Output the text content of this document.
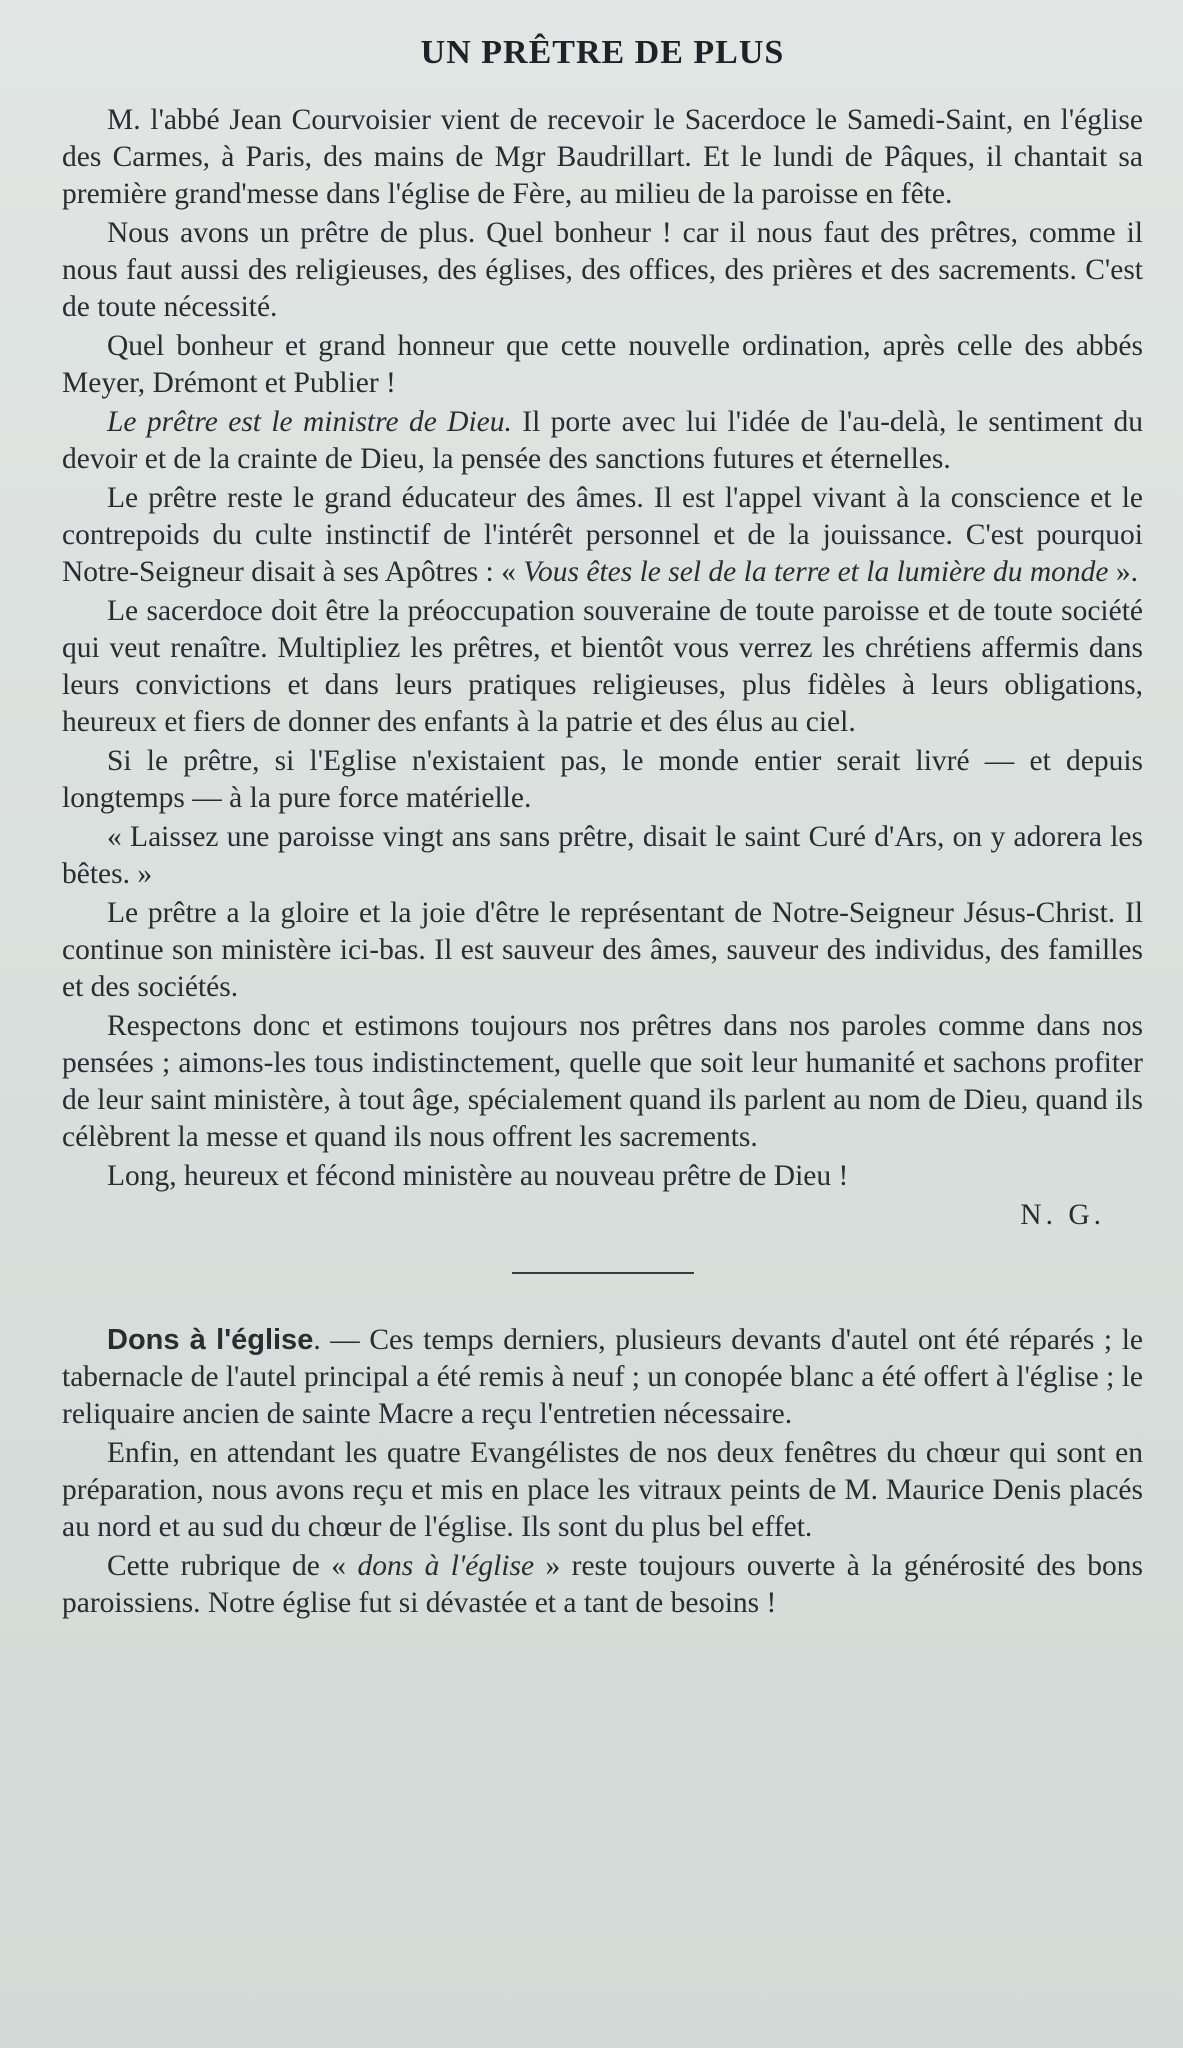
UN PRÊTRE DE PLUS

M. l'abbé Jean Courvoisier vient de recevoir le Sacerdoce le Samedi-Saint, en l'église des Carmes, à Paris, des mains de Mgr Baudrillart. Et le lundi de Pâques, il chantait sa première grand'messe dans l'église de Fère, au milieu de la paroisse en fête.

Nous avons un prêtre de plus. Quel bonheur ! car il nous faut des prêtres, comme il nous faut aussi des religieuses, des églises, des offices, des prières et des sacrements. C'est de toute nécessité.

Quel bonheur et grand honneur que cette nouvelle ordination, après celle des abbés Meyer, Drémont et Publier !

Le prêtre est le ministre de Dieu. Il porte avec lui l'idée de l'au-delà, le sentiment du devoir et de la crainte de Dieu, la pensée des sanctions futures et éternelles.

Le prêtre reste le grand éducateur des âmes. Il est l'appel vivant à la conscience et le contrepoids du culte instinctif de l'intérêt personnel et de la jouissance. C'est pourquoi Notre-Seigneur disait à ses Apôtres : « Vous êtes le sel de la terre et la lumière du monde ».

Le sacerdoce doit être la préoccupation souveraine de toute paroisse et de toute société qui veut renaître. Multipliez les prêtres, et bientôt vous verrez les chrétiens affermis dans leurs convictions et dans leurs pratiques religieuses, plus fidèles à leurs obligations, heureux et fiers de donner des enfants à la patrie et des élus au ciel.

Si le prêtre, si l'Eglise n'existaient pas, le monde entier serait livré — et depuis longtemps — à la pure force matérielle.

« Laissez une paroisse vingt ans sans prêtre, disait le saint Curé d'Ars, on y adorera les bêtes. »

Le prêtre a la gloire et la joie d'être le représentant de Notre-Seigneur Jésus-Christ. Il continue son ministère ici-bas. Il est sauveur des âmes, sauveur des individus, des familles et des sociétés.

Respectons donc et estimons toujours nos prêtres dans nos paroles comme dans nos pensées ; aimons-les tous indistinctement, quelle que soit leur humanité et sachons profiter de leur saint ministère, à tout âge, spécialement quand ils parlent au nom de Dieu, quand ils célèbrent la messe et quand ils nous offrent les sacrements.

Long, heureux et fécond ministère au nouveau prêtre de Dieu !

N. G.

Dons à l'église. — Ces temps derniers, plusieurs devants d'autel ont été réparés ; le tabernacle de l'autel principal a été remis à neuf ; un conopée blanc a été offert à l'église ; le reliquaire ancien de sainte Macre a reçu l'entretien nécessaire.

Enfin, en attendant les quatre Evangélistes de nos deux fenêtres du chœur qui sont en préparation, nous avons reçu et mis en place les vitraux peints de M. Maurice Denis placés au nord et au sud du chœur de l'église. Ils sont du plus bel effet.

Cette rubrique de « dons à l'église » reste toujours ouverte à la générosité des bons paroissiens. Notre église fut si dévastée et a tant de besoins !
